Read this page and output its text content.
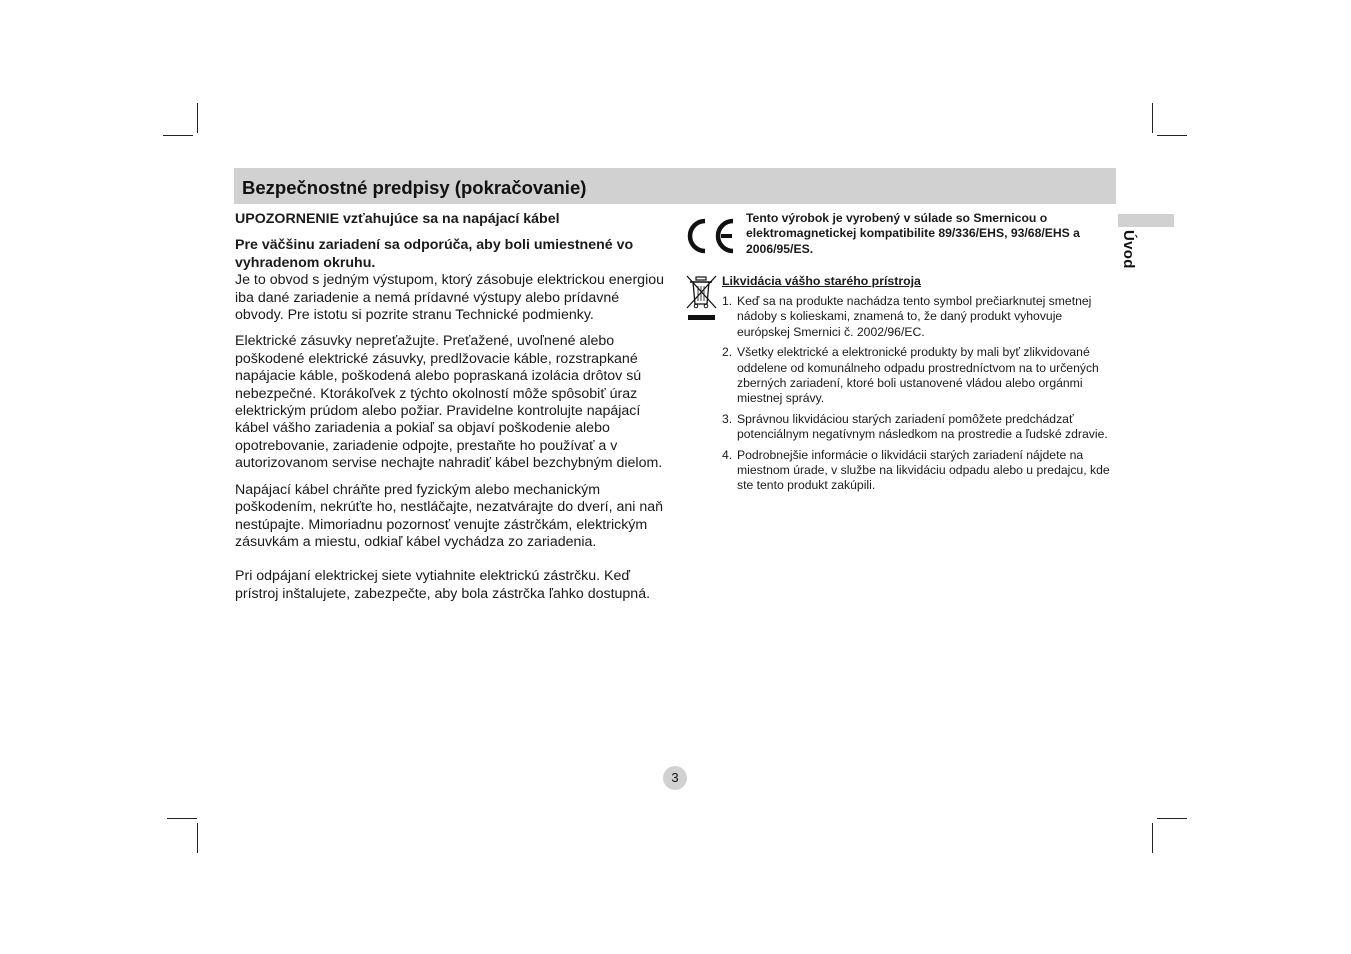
Bezpečnostné predpisy (pokračovanie)
Úvod

UPOZORNENIE vzťahujúce sa na napájací kábel

Pre väčšinu zariadení sa odporúča, aby boli umiestnené vo vyhradenom okruhu.

Je to obvod s jedným výstupom, ktorý zásobuje elektrickou energiou iba dané zariadenie a nemá prídavné výstupy alebo prídavné obvody. Pre istotu si pozrite stranu Technické podmienky.

Elektrické zásuvky nepreťažujte. Preťažené, uvoľnené alebo poškodené elektrické zásuvky, predlžovacie káble, rozstrapkané napájacie káble, poškodená alebo popraskaná izolácia drôtov sú nebezpečné. Ktorákoľvek z týchto okolností môže spôsobiť úraz elektrickým prúdom alebo požiar. Pravidelne kontrolujte napájací kábel vášho zariadenia a pokiaľ sa objaví poškodenie alebo opotrebovanie, zariadenie odpojte, prestaňte ho používať a v autorizovanom servise nechajte nahradiť kábel bezchybným dielom.

Napájací kábel chráňte pred fyzickým alebo mechanickým poškodením, nekrúťte ho, nestláčajte, nezatvárajte do dverí, ani naň nestúpajte. Mimoriadnu pozornosť venujte zástrčkám, elektrickým zásuvkám a miestu, odkiaľ kábel vychádza zo zariadenia.

Pri odpájaní elektrickej siete vytiahnite elektrickú zástrčku. Keď prístroj inštalujete, zabezpečte, aby bola zástrčka ľahko dostupná.

Tento výrobok je vyrobený v súlade so Smernicou o elektromagnetickej kompatibilite 89/336/EHS, 93/68/EHS a 2006/95/ES.
Likvidácia vášho starého prístroja
1. Keď sa na produkte nachádza tento symbol prečiarknutej smetnej nádoby s kolieskami, znamená to, že daný produkt vyhovuje európskej Smernici č. 2002/96/EC.
2. Všetky elektrické a elektronické produkty by mali byť zlikvidované oddelene od komunálneho odpadu prostredníctvom na to určených zberných zariadení, ktoré boli ustanovené vládou alebo orgánmi miestnej správy.
3. Správnou likvidáciou starých zariadení pomôžete predchádzať potenciálnym negatívnym následkom na prostredie a ľudské zdravie.
4. Podrobnejšie informácie o likvidácii starých zariadení nájdete na miestnom úrade, v službe na likvidáciu odpadu alebo u predajcu, kde ste tento produkt zakúpili.
3
